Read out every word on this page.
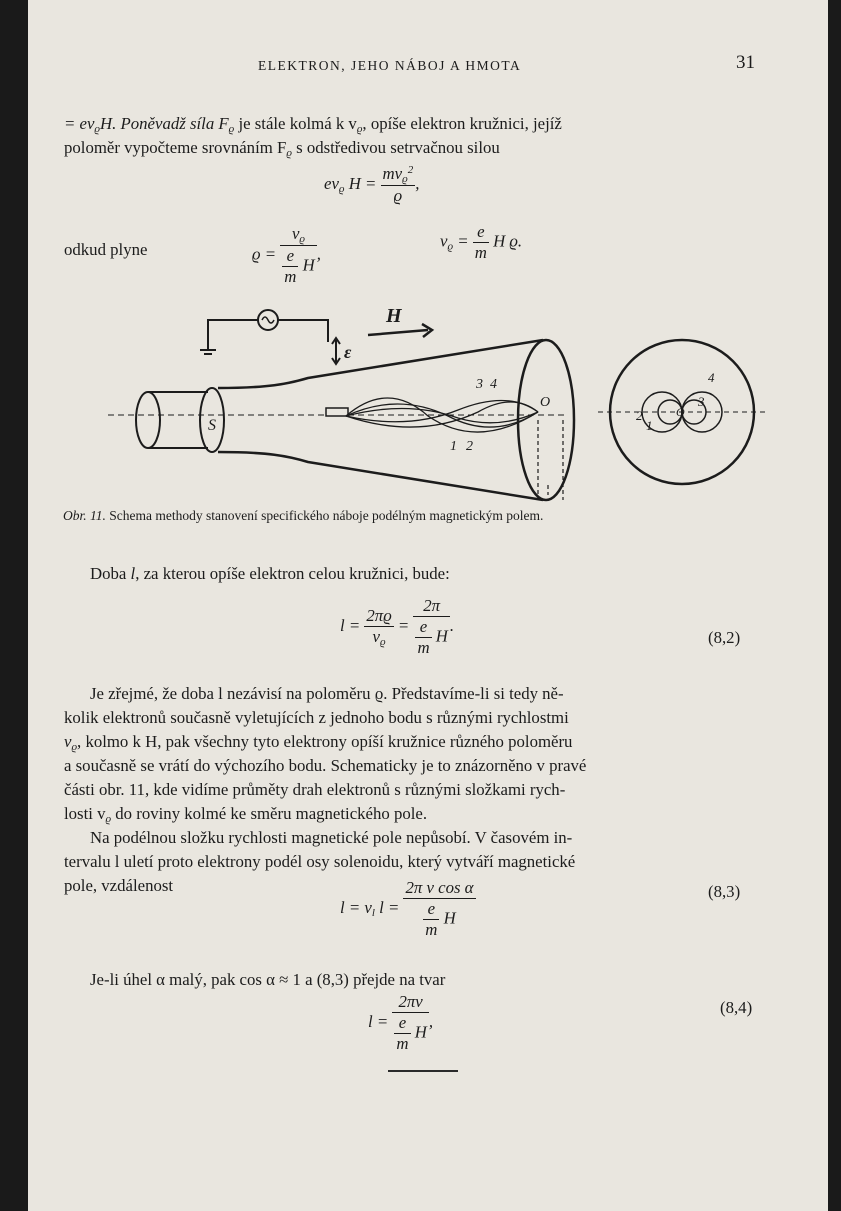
ELEKTRON, JEHO NÁBOJ A HMOTA	31
= $ev_ϱH$. Poněvadž síla $F_ϱ$ je stále kolmá k $v_ϱ$, opíše elektron kružnici, jejíž
poloměr vypočteme srovnáním $F_ϱ$ s odstředivou setrvačnou silou
$ev_ϱ$ $H = \frac{mv_ϱ^2}{ϱ}$ ,
odkud plyne	$ϱ = \frac{v_ϱ}{\frac{e}{m} H}$ ,
$v_ϱ = \frac{e}{m}$ H ϱ.
H
ε
S
3 4
1 2
O
1
2
3
4
O
Obr. 11. Schema methody stanovení specifického náboje podélným magnetickým polem.
Doba l, za kterou opíše elektron celou kružnici, bude:
$l = \frac{2\pi ϱ}{v_ϱ} = \frac{2\pi}{\frac{e}{m} H}$ .
(8,2)
Je zřejmé, že doba l nezávisí na poloměru ϱ. Představíme-li si tedy ně-
kolik elektronů současně vyletujících z jednoho bodu s různými rychlostmi
$v_ϱ$, kolmo k H, pak všechny tyto elektrony opíší kružnice různého poloměru
a současně se vrátí do výchozího bodu. Schematicky je to znázorněno v pravé
části obr. 11, kde vidíme průměty drah elektronů s různými složkami rych-
losti $v_ϱ$ do roviny kolmé ke směru magnetického pole.
Na podélnou složku rychlosti magnetické pole nepůsobí. V časovém in-
tervalu l uletí proto elektrony podél osy solenoidu, který vytváří magnetické
pole, vzdálenost
$l = v_l$ $l = \frac{\text{2π v cos α}}{\frac{e}{m} H}$	(8,3)
Je-li úhel α malý, pak cos α ≈ 1 a (8,3) přejde na tvar
$l = \frac{2\pi v}{\frac{e}{m} H}$ ,
(8,4)
